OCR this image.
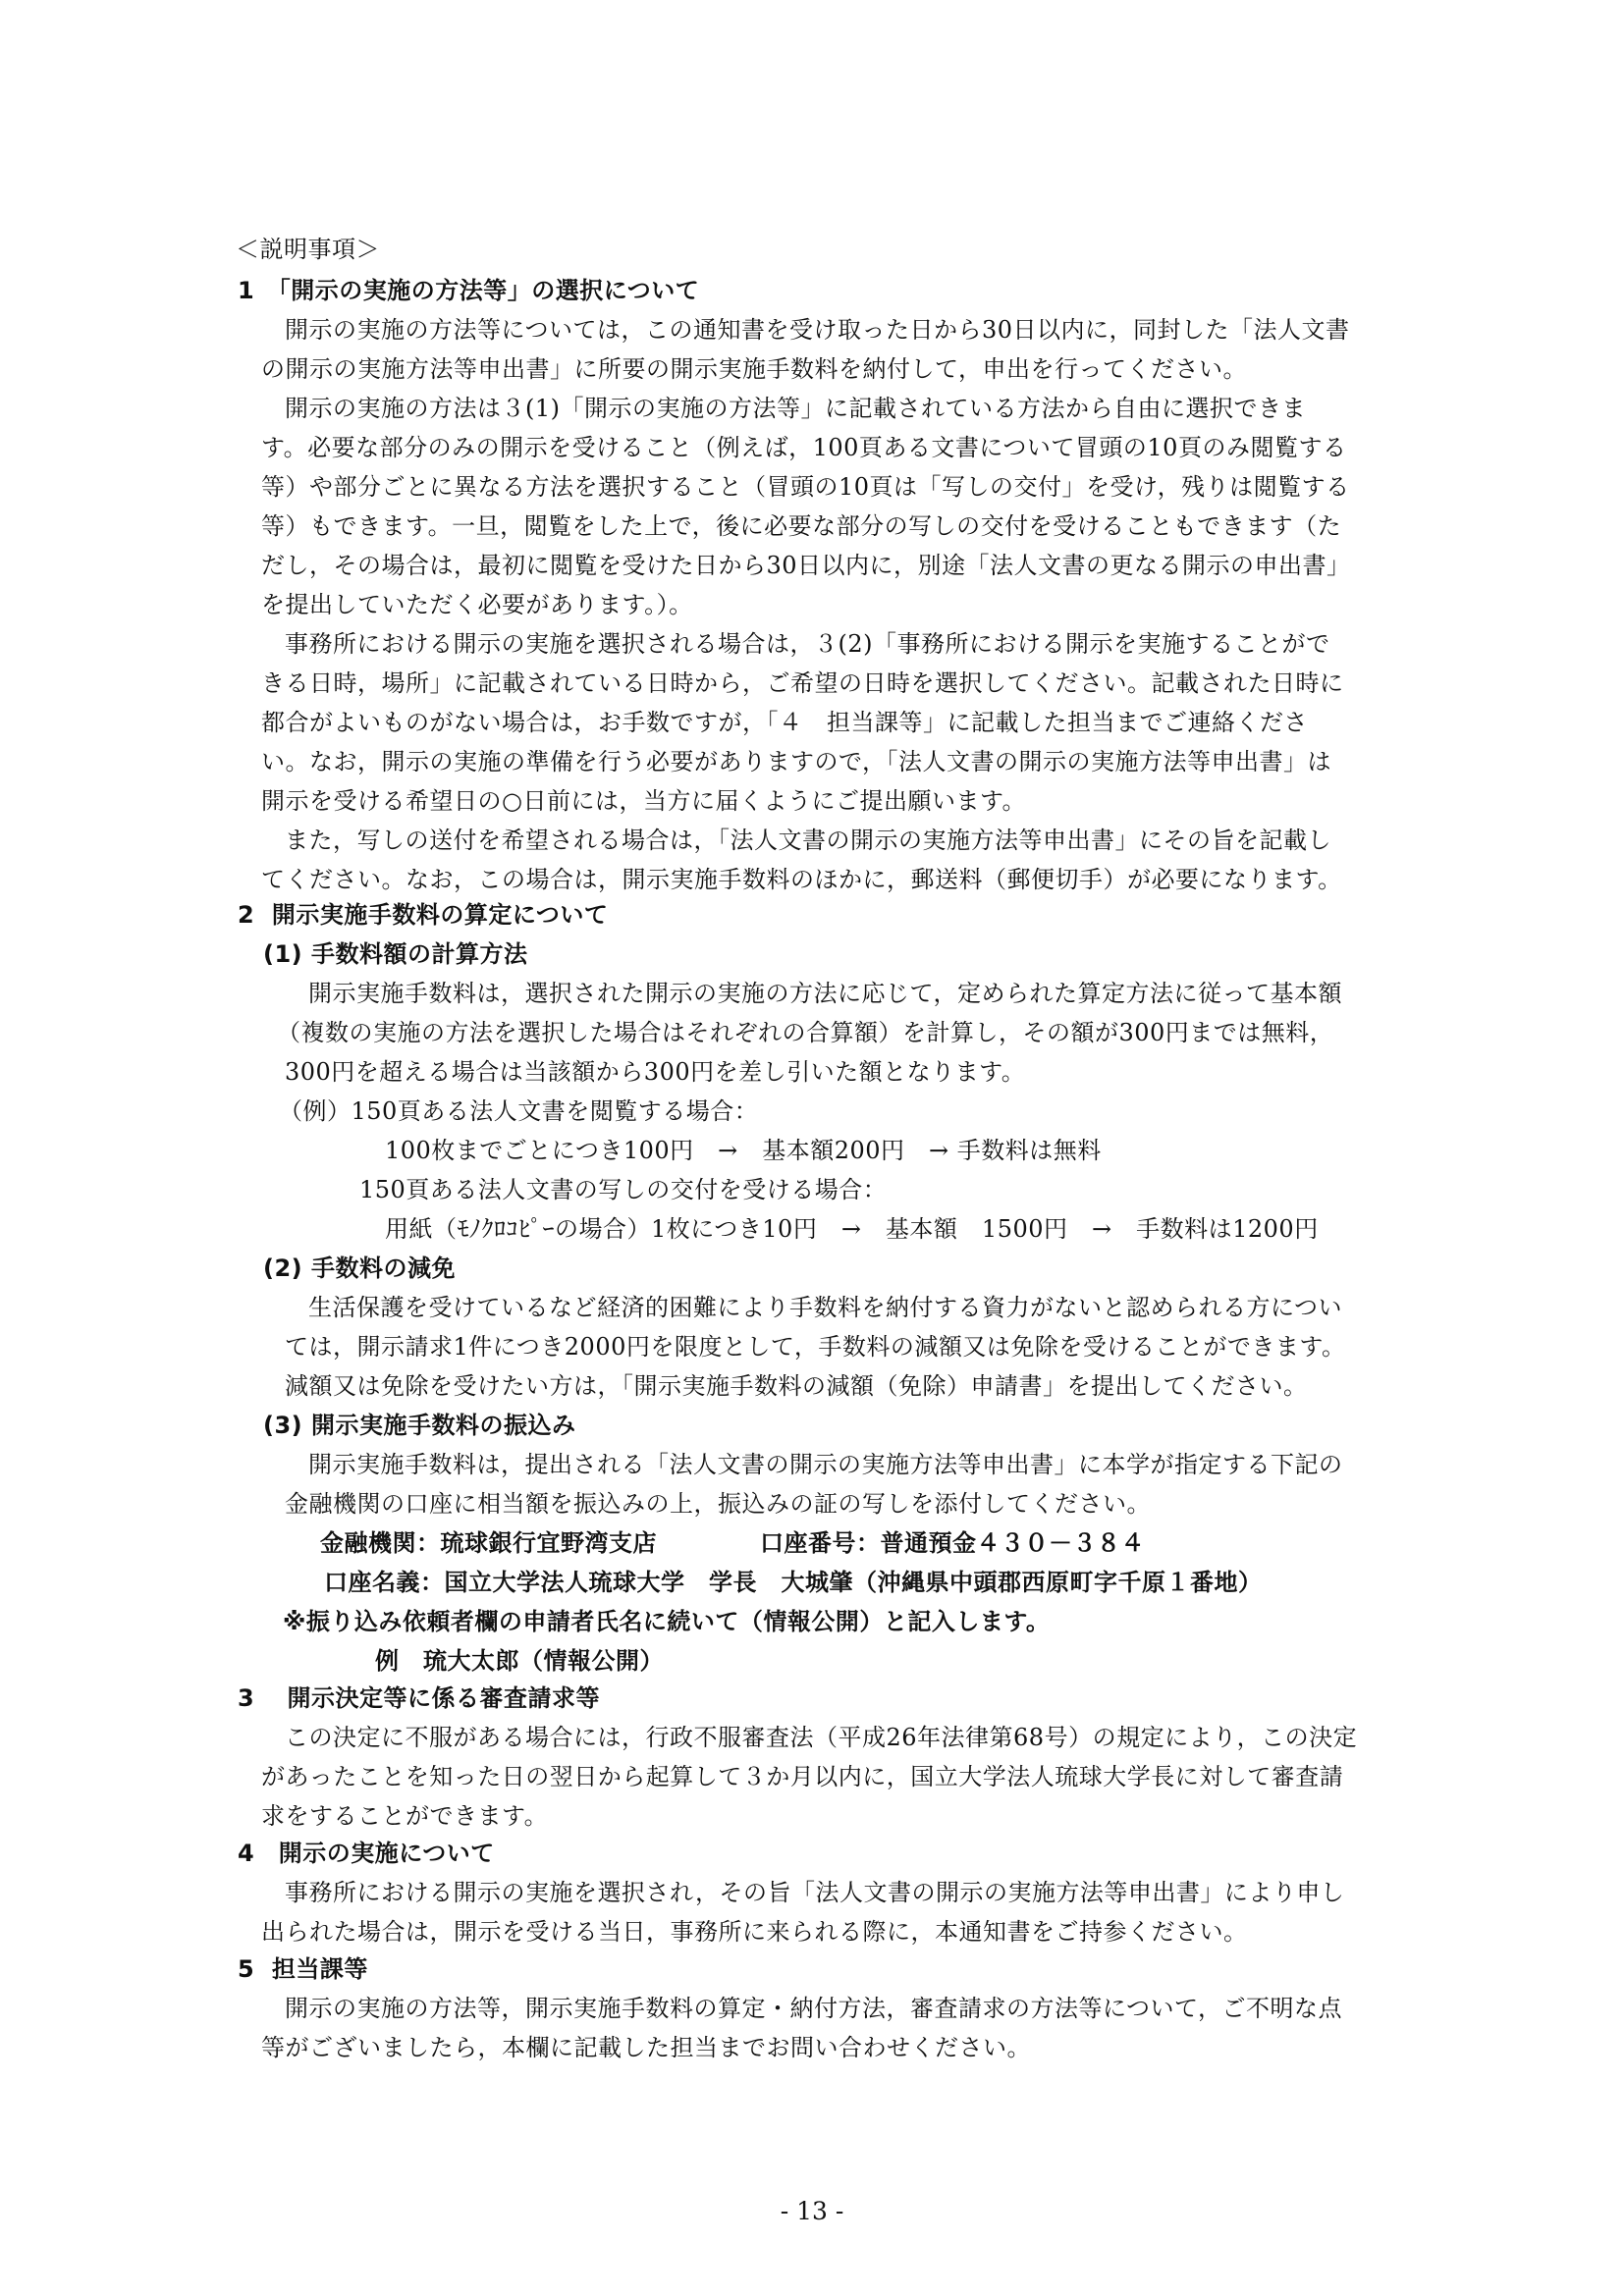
＜説明事項＞
1　「開示の実施の方法等」の選択について
開示の実施の方法等については，この通知書を受け取った日から30日以内に，同封した「法人文書
の開示の実施方法等申出書」に所要の開示実施手数料を納付して，申出を行ってください。
開示の実施の方法は３(1)「開示の実施の方法等」に記載されている方法から自由に選択できま
す。必要な部分のみの開示を受けること（例えば，100頁ある文書について冒頭の10頁のみ閲覧する
等）や部分ごとに異なる方法を選択すること（冒頭の10頁は「写しの交付」を受け，残りは閲覧する
等）もできます。一旦，閲覧をした上で，後に必要な部分の写しの交付を受けることもできます（た
だし，その場合は，最初に閲覧を受けた日から30日以内に，別途「法人文書の更なる開示の申出書」
を提出していただく必要があります。）。
事務所における開示の実施を選択される場合は，３(2)「事務所における開示を実施することがで
きる日時，場所」に記載されている日時から，ご希望の日時を選択してください。記載された日時に
都合がよいものがない場合は，お手数ですが，「４　担当課等」に記載した担当までご連絡くださ
い。なお，開示の実施の準備を行う必要がありますので，「法人文書の開示の実施方法等申出書」は
開示を受ける希望日の○日前には，当方に届くようにご提出願います。
また，写しの送付を希望される場合は，「法人文書の開示の実施方法等申出書」にその旨を記載し
てください。なお，この場合は，開示実施手数料のほかに，郵送料（郵便切手）が必要になります。
2  開示実施手数料の算定について
(1) 手数料額の計算方法
開示実施手数料は，選択された開示の実施の方法に応じて，定められた算定方法に従って基本額
（複数の実施の方法を選択した場合はそれぞれの合算額）を計算し，その額が300円までは無料，
300円を超える場合は当該額から300円を差し引いた額となります。
（例）150頁ある法人文書を閲覧する場合：
100枚までごとにつき100円　→　基本額200円　→ 手数料は無料
150頁ある法人文書の写しの交付を受ける場合：
用紙（ﾓﾉｸﾛｺﾋﾟｰの場合）1枚につき10円　→　基本額　1500円　→　手数料は1200円
(2) 手数料の減免
生活保護を受けているなど経済的困難により手数料を納付する資力がないと認められる方につい
ては，開示請求1件につき2000円を限度として，手数料の減額又は免除を受けることができます。
減額又は免除を受けたい方は，「開示実施手数料の減額（免除）申請書」を提出してください。
(3) 開示実施手数料の振込み
開示実施手数料は，提出される「法人文書の開示の実施方法等申出書」に本学が指定する下記の
金融機関の口座に相当額を振込みの上，振込みの証の写しを添付してください。
金融機関：琉球銀行宜野湾支店	口座番号：普通預金４３０－３８４
口座名義：国立大学法人琉球大学　学長　大城肇（沖縄県中頭郡西原町字千原１番地）
※振り込み依頼者欄の申請者氏名に続いて（情報公開）と記入します。
例　琉大太郎（情報公開）
3　 開示決定等に係る審査請求等
この決定に不服がある場合には，行政不服審査法（平成26年法律第68号）の規定により，この決定
があったことを知った日の翌日から起算して３か月以内に，国立大学法人琉球大学長に対して審査請
求をすることができます。
4　開示の実施について
事務所における開示の実施を選択され，その旨「法人文書の開示の実施方法等申出書」により申し
出られた場合は，開示を受ける当日，事務所に来られる際に，本通知書をご持参ください。
5  担当課等
開示の実施の方法等，開示実施手数料の算定・納付方法，審査請求の方法等について，ご不明な点
等がございましたら，本欄に記載した担当までお問い合わせください。
- 13 -
